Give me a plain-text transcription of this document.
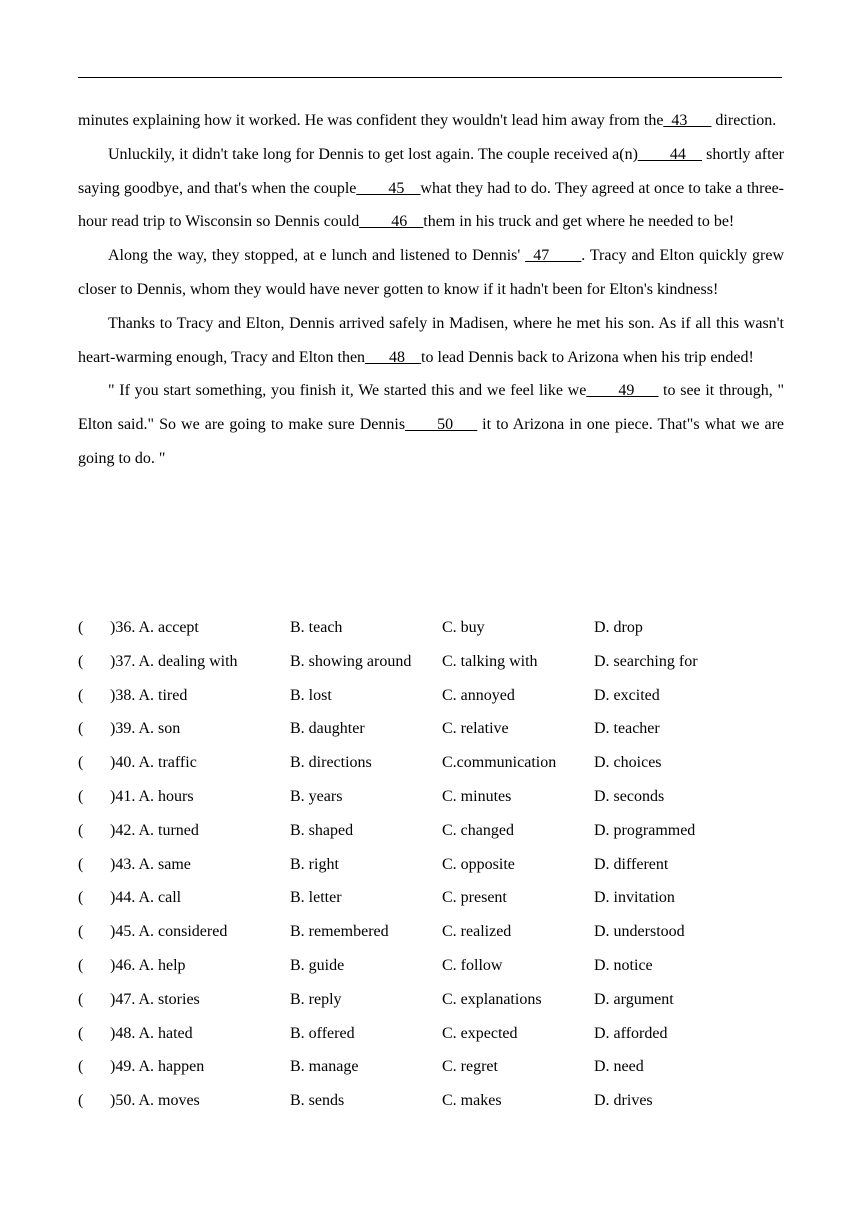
minutes explaining how it worked. He was confident they wouldn't lead him away from the_43___ direction.

Unluckily, it didn't take long for Dennis to get lost again. The couple received a(n)____44__ shortly after saying goodbye, and that's when the couple____45__what they had to do. They agreed at once to take a three-hour read trip to Wisconsin so Dennis could____46__them in his truck and get where he needed to be!

Along the way, they stopped, at e lunch and listened to Dennis' _47____. Tracy and Elton quickly grew closer to Dennis, whom they would have never gotten to know if it hadn't been for Elton's kindness!

Thanks to Tracy and Elton, Dennis arrived safely in Madisen, where he met his son. As if all this wasn't heart-warming enough, Tracy and Elton then___48__to lead Dennis back to Arizona when his trip ended!

" If you start something, you finish it, We started this and we feel like we____49___ to see it through, " Elton said." So we are going to make sure Dennis____50___ it to Arizona in one piece. That"s what we are going to do. "

( )36. A. accept	B. teach	C. buy	D. drop
( )37. A. dealing with	B. showing around C. talking with	D. searching for
( )38. A. tired	B. lost	C. annoyed	D. excited
( )39. A. son	B. daughter	C. relative	D. teacher
( )40. A. traffic	B. directions	C.communication D. choices
( )41. A. hours	B. years	C. minutes	D. seconds
( )42. A. turned	B. shaped	C. changed	D. programmed
( )43. A. same	B. right	C. opposite	D. different
( )44. A. call	B. letter	C. present	D. invitation
( )45. A. considered	B. remembered	C. realized	D. understood
( )46. A. help	B. guide	C. follow	D. notice
( )47. A. stories	B. reply	C. explanations	D. argument
( )48. A. hated	B. offered	C. expected	D. afforded
( )49. A. happen	B. manage	C. regret	D. need
( )50. A. moves	B. sends	C. makes	D. drives
